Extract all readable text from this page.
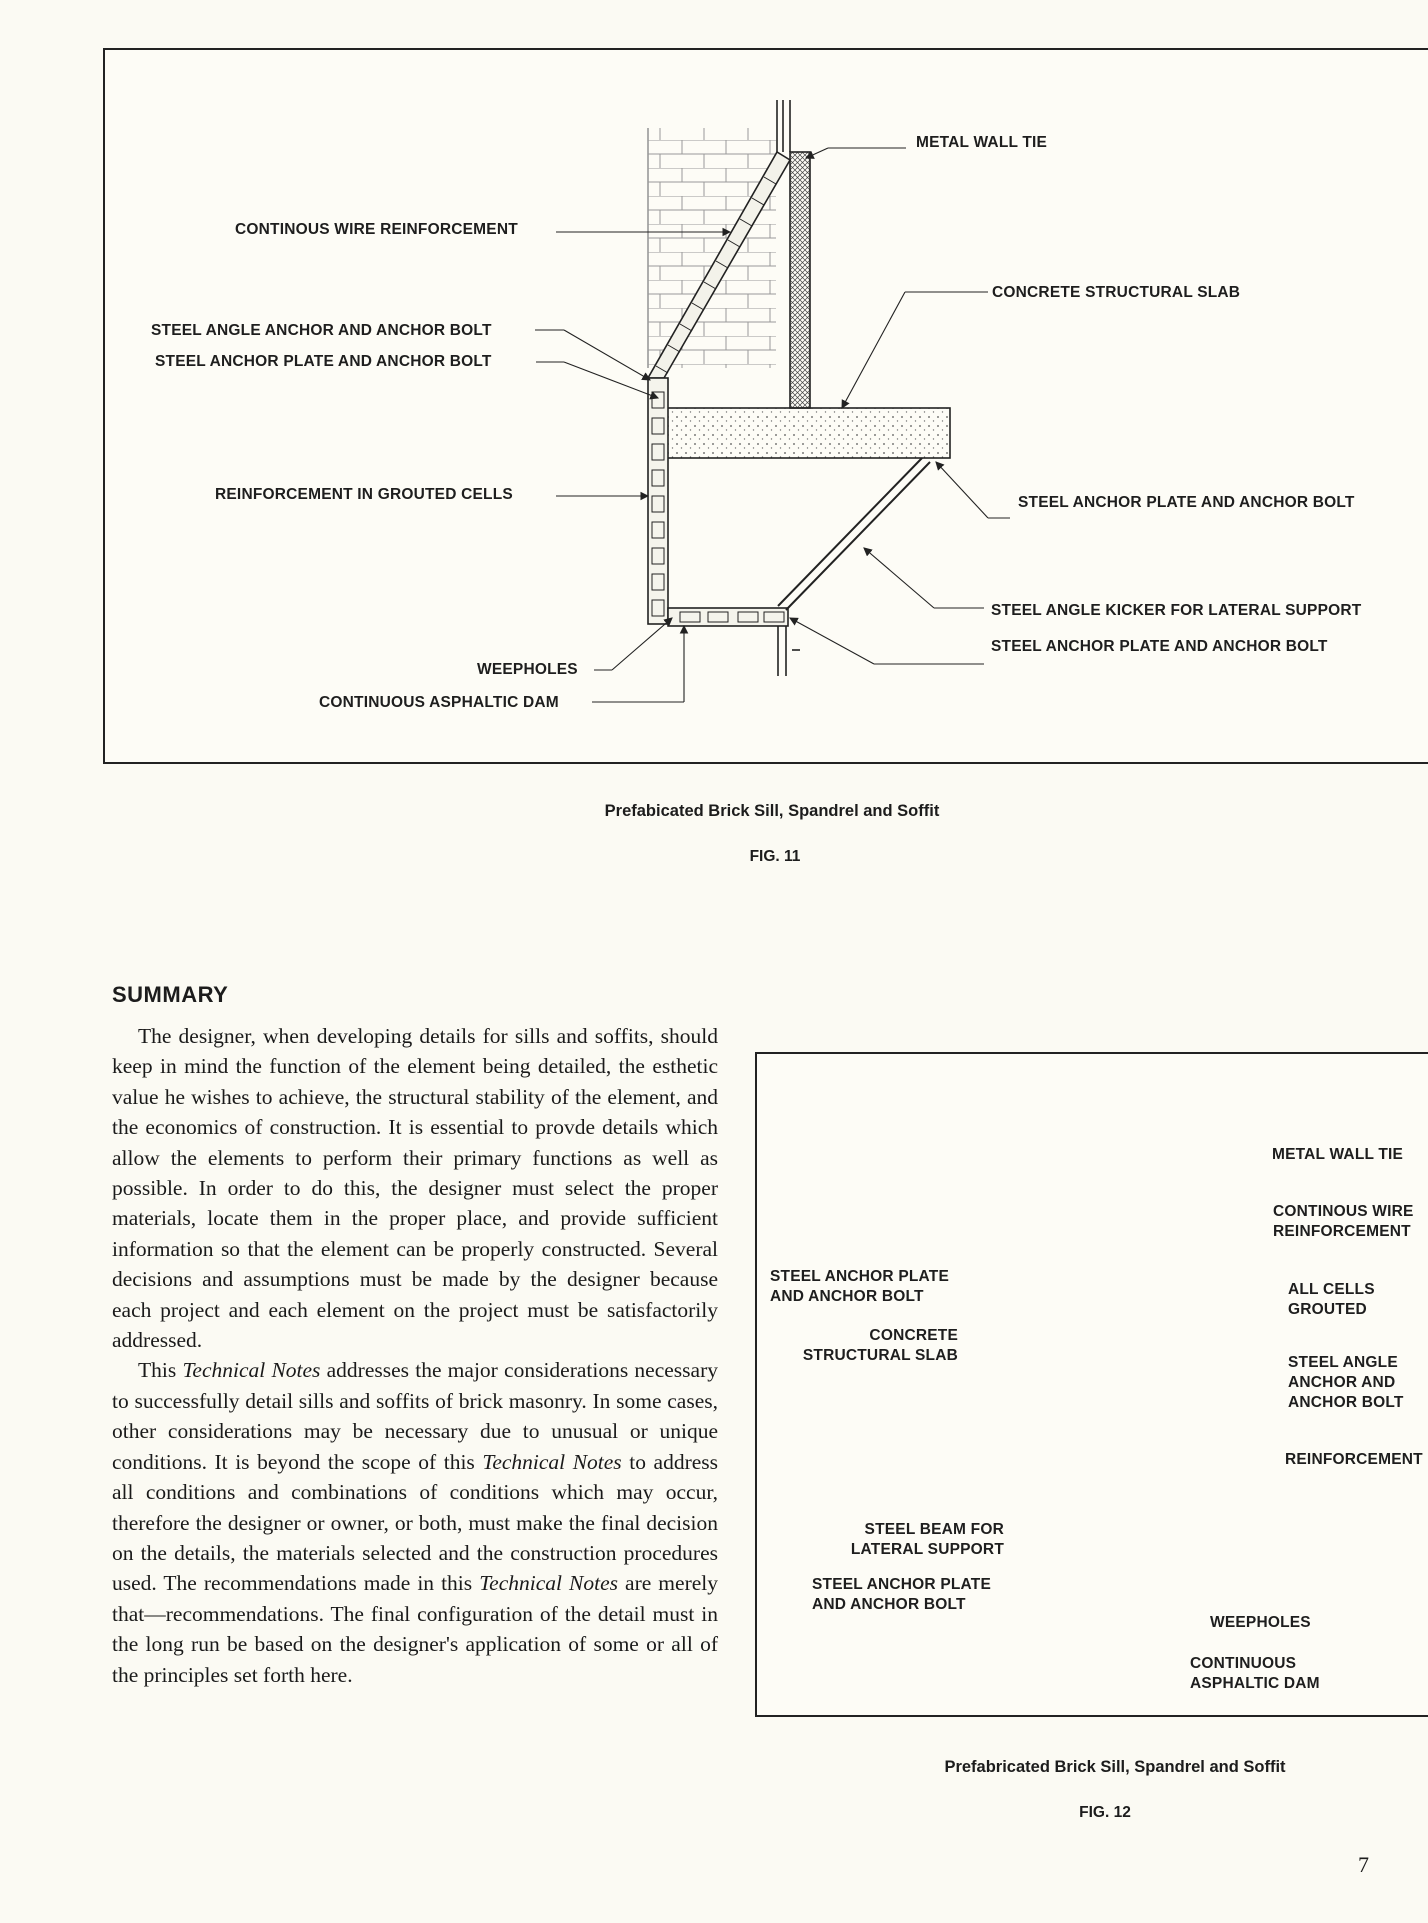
METAL WALL TIE
CONTINOUS WIRE REINFORCEMENT
CONCRETE STRUCTURAL SLAB
STEEL ANGLE ANCHOR AND ANCHOR BOLT
STEEL ANCHOR PLATE AND ANCHOR BOLT
REINFORCEMENT IN GROUTED CELLS	STEEL ANCHOR PLATE AND ANCHOR BOLT
STEEL ANGLE KICKER FOR LATERAL SUPPORT
STEEL ANCHOR PLATE AND ANCHOR BOLT
WEEPHOLES
CONTINUOUS ASPHALTIC DAM
Prefabicated Brick Sill, Spandrel and Soffit
FIG. 11
SUMMARY

The designer, when developing details for sills and soffits, should keep in mind the function of the element being detailed, the esthetic value he wishes to achieve, the structural stability of the element, and the economics of construction. It is essential to provde details which allow the elements to perform their primary functions as well as possible. In order to do this, the designer must select the proper materials, locate them in the proper place, and provide sufficient information so that the element can be properly constructed. Several decisions and assumptions must be made by the designer because each project and each element on the project must be satisfactorily addressed.

This Technical Notes addresses the major considerations necessary to successfully detail sills and soffits of brick masonry. In some cases, other considerations may be necessary due to unusual or unique conditions. It is beyond the scope of this Technical Notes to address all conditions and combinations of conditions which may occur, therefore the designer or owner, or both, must make the final decision on the details, the materials selected and the construction procedures used. The recommendations made in this Technical Notes are merely that—recommendations. The final configuration of the detail must in the long run be based on the designer's application of some or all of the principles set forth here.

METAL WALL TIE
CONTINOUS WIRE REINFORCEMENT
ALL CELLS GROUTED
STEEL ANCHOR PLATE AND ANCHOR BOLT
CONCRETE STRUCTURAL SLAB	STEEL ANGLE ANCHOR AND ANCHOR BOLT
REINFORCEMENT
STEEL BEAM FOR LATERAL SUPPORT
STEEL ANCHOR PLATE AND ANCHOR BOLT
WEEPHOLES
CONTINUOUS ASPHALTIC DAM
Prefabricated Brick Sill, Spandrel and Soffit
FIG. 12
7
